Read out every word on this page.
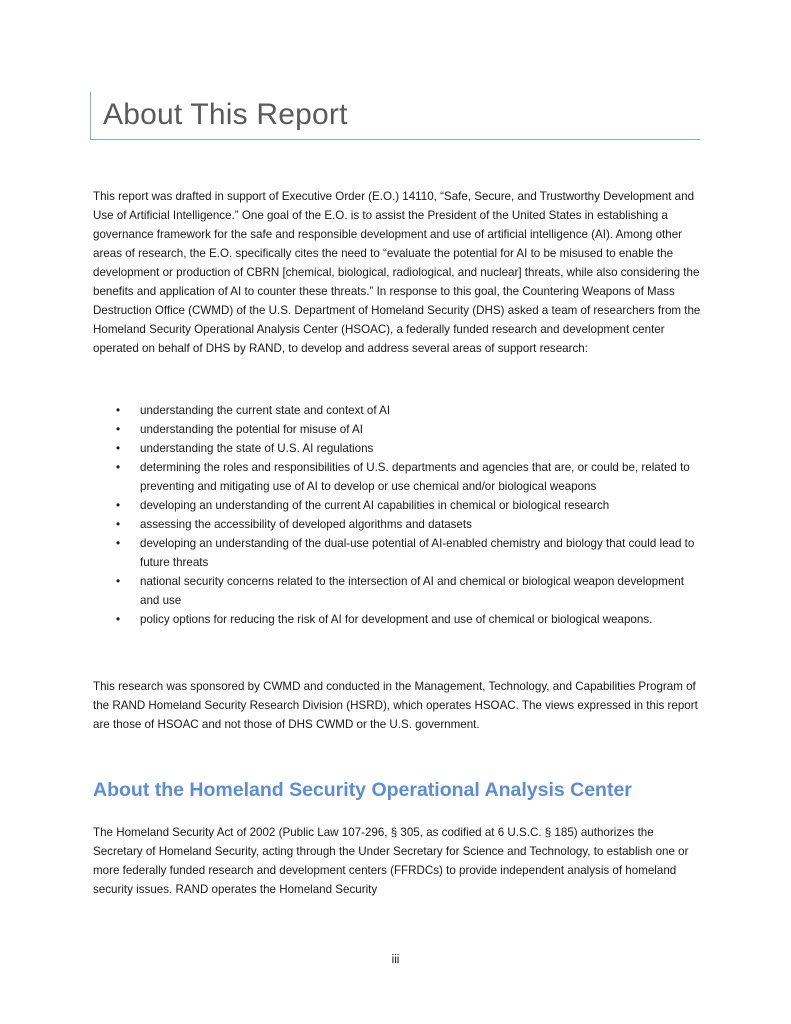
About This Report

This report was drafted in support of Executive Order (E.O.) 14110, “Safe, Secure, and Trustworthy Development and Use of Artificial Intelligence.” One goal of the E.O. is to assist the President of the United States in establishing a governance framework for the safe and responsible development and use of artificial intelligence (AI). Among other areas of research, the E.O. specifically cites the need to “evaluate the potential for AI to be misused to enable the development or production of CBRN [chemical, biological, radiological, and nuclear] threats, while also considering the benefits and application of AI to counter these threats.” In response to this goal, the Countering Weapons of Mass Destruction Office (CWMD) of the U.S. Department of Homeland Security (DHS) asked a team of researchers from the Homeland Security Operational Analysis Center (HSOAC), a federally funded research and development center operated on behalf of DHS by RAND, to develop and address several areas of support research:

• understanding the current state and context of AI
• understanding the potential for misuse of AI
• understanding the state of U.S. AI regulations
• determining the roles and responsibilities of U.S. departments and agencies that are, or could be, related to preventing and mitigating use of AI to develop or use chemical and/or biological weapons
• developing an understanding of the current AI capabilities in chemical or biological research
• assessing the accessibility of developed algorithms and datasets
• developing an understanding of the dual-use potential of AI-enabled chemistry and biology that could lead to future threats
• national security concerns related to the intersection of AI and chemical or biological weapon development and use
• policy options for reducing the risk of AI for development and use of chemical or biological weapons.

This research was sponsored by CWMD and conducted in the Management, Technology, and Capabilities Program of the RAND Homeland Security Research Division (HSRD), which operates HSOAC. The views expressed in this report are those of HSOAC and not those of DHS CWMD or the U.S. government.

About the Homeland Security Operational Analysis Center

The Homeland Security Act of 2002 (Public Law 107-296, § 305, as codified at 6 U.S.C. § 185) authorizes the Secretary of Homeland Security, acting through the Under Secretary for Science and Technology, to establish one or more federally funded research and development centers (FFRDCs) to provide independent analysis of homeland security issues. RAND operates the Homeland Security

iii
